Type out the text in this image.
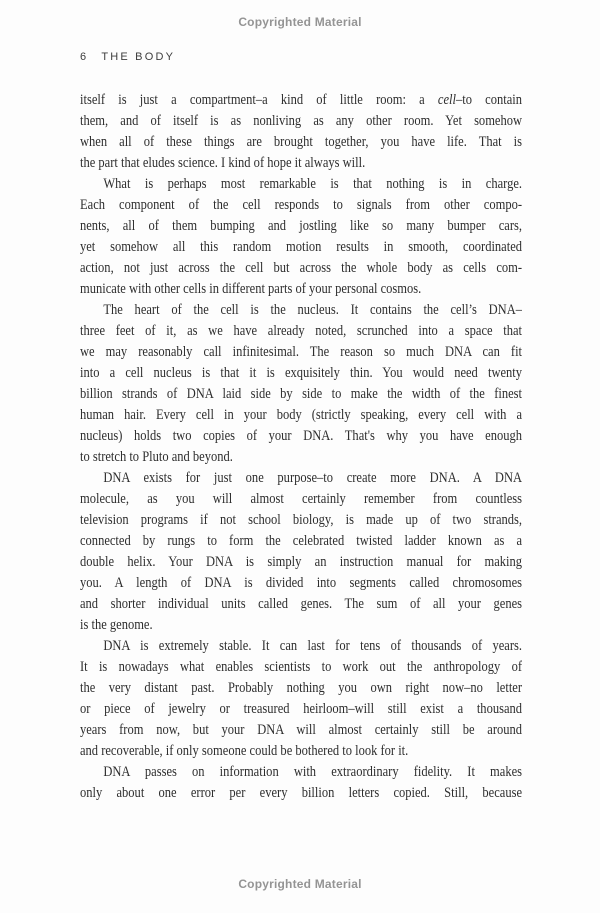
Copyrighted Material
6 THE BODY
itself is just a compartment–a kind of little room: a cell–to contain
them, and of itself is as nonliving as any other room. Yet somehow
when all of these things are brought together, you have life. That is
the part that eludes science. I kind of hope it always will.
What is perhaps most remarkable is that nothing is in charge.
Each component of the cell responds to signals from other compo-
nents, all of them bumping and jostling like so many bumper cars,
yet somehow all this random motion results in smooth, coordinated
action, not just across the cell but across the whole body as cells com-
municate with other cells in different parts of your personal cosmos.
The heart of the cell is the nucleus. It contains the cell’s DNA–
three feet of it, as we have already noted, scrunched into a space that
we may reasonably call infinitesimal. The reason so much DNA can fit
into a cell nucleus is that it is exquisitely thin. You would need twenty
billion strands of DNA laid side by side to make the width of the finest
human hair. Every cell in your body (strictly speaking, every cell with a
nucleus) holds two copies of your DNA. That's why you have enough
to stretch to Pluto and beyond.
DNA exists for just one purpose–to create more DNA. A DNA
molecule, as you will almost certainly remember from countless
television programs if not school biology, is made up of two strands,
connected by rungs to form the celebrated twisted ladder known as a
double helix. Your DNA is simply an instruction manual for making
you. A length of DNA is divided into segments called chromosomes
and shorter individual units called genes. The sum of all your genes
is the genome.
DNA is extremely stable. It can last for tens of thousands of years.
It is nowadays what enables scientists to work out the anthropology of
the very distant past. Probably nothing you own right now–no letter
or piece of jewelry or treasured heirloom–will still exist a thousand
years from now, but your DNA will almost certainly still be around
and recoverable, if only someone could be bothered to look for it.
DNA passes on information with extraordinary fidelity. It makes
only about one error per every billion letters copied. Still, because
Copyrighted Material
